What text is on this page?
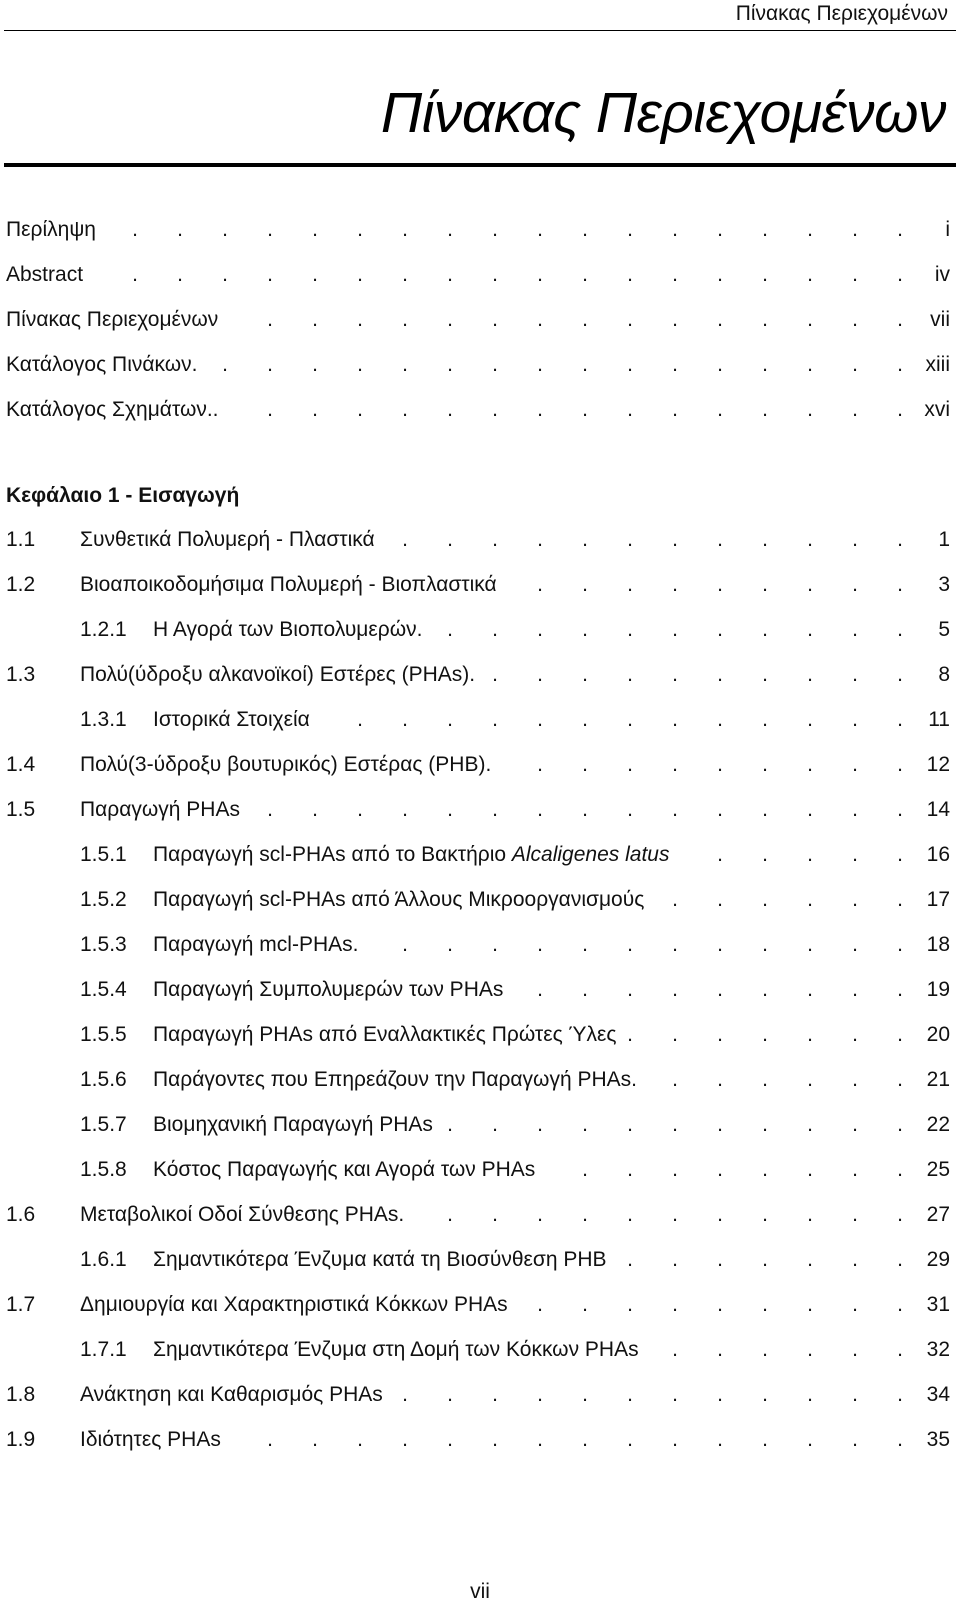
Πίνακας Περιεχομένων
Πίνακας Περιεχομένων
Περίληψη . . . . . . . . . . . . . . . . . . i
Abstract . . . . . . . . . . . . . . . . . . iv
Πίνακας Περιεχομένων . . . . . . . . . . . . . . . vii
Κατάλογος Πινάκων. . . . . . . . . . . . . . . . . xiii
Κατάλογος Σχημάτων.. . . . . . . . . . . . . . . . xvi
Κεφάλαιο 1 - Εισαγωγή
1.1 Συνθετικά Πολυμερή - Πλαστικά . . . . . . . . . . . . 1
1.2 Βιοαποικοδομήσιμα Πολυμερή - Βιοπλαστικά . . . . . . . . . 3
1.2.1 Η Αγορά των Βιοπολυμερών. . . . . . . . . . . . 5
1.3 Πολύ(ύδροξυ αλκανοϊκοί) Εστέρες (PHAs). . . . . . . . . . . 8
1.3.1 Ιστορικά Στοιχεία . . . . . . . . . . . . . 11
1.4 Πολύ(3-ύδροξυ βουτυρικός) Εστέρας (PHB). . . . . . . . . . 12
1.5 Παραγωγή PHAs . . . . . . . . . . . . . . . 14
1.5.1 Παραγωγή scl-PHAs από το Βακτήριο Alcaligenes latus . . . . . 16
1.5.2 Παραγωγή scl-PHAs από Άλλους Μικροοργανισμούς . . . . . . 17
1.5.3 Παραγωγή mcl-PHAs. . . . . . . . . . . . . 18
1.5.4 Παραγωγή Συμπολυμερών των PHAs . . . . . . . . . 19
1.5.5 Παραγωγή PHAs από Εναλλακτικές Πρώτες Ύλες . . . . . . . 20
1.5.6 Παράγοντες που Επηρεάζουν την Παραγωγή PHAs. . . . . . . 21
1.5.7 Βιομηχανική Παραγωγή PHAs . . . . . . . . . . . 22
1.5.8 Κόστος Παραγωγής και Αγορά των PHAs . . . . . . . . 25
1.6 Μεταβολικοί Οδοί Σύνθεσης PHAs. . . . . . . . . . . . 27
1.6.1 Σημαντικότερα Ένζυμα κατά τη Βιοσύνθεση PHB . . . . . . . 29
1.7 Δημιουργία και Χαρακτηριστικά Κόκκων PHAs . . . . . . . . . 31
1.7.1 Σημαντικότερα Ένζυμα στη Δομή των Κόκκων PHAs . . . . . . 32
1.8 Ανάκτηση και Καθαρισμός PHAs . . . . . . . . . . . . 34
1.9 Ιδιότητες PHAs . . . . . . . . . . . . . . . 35
vii
